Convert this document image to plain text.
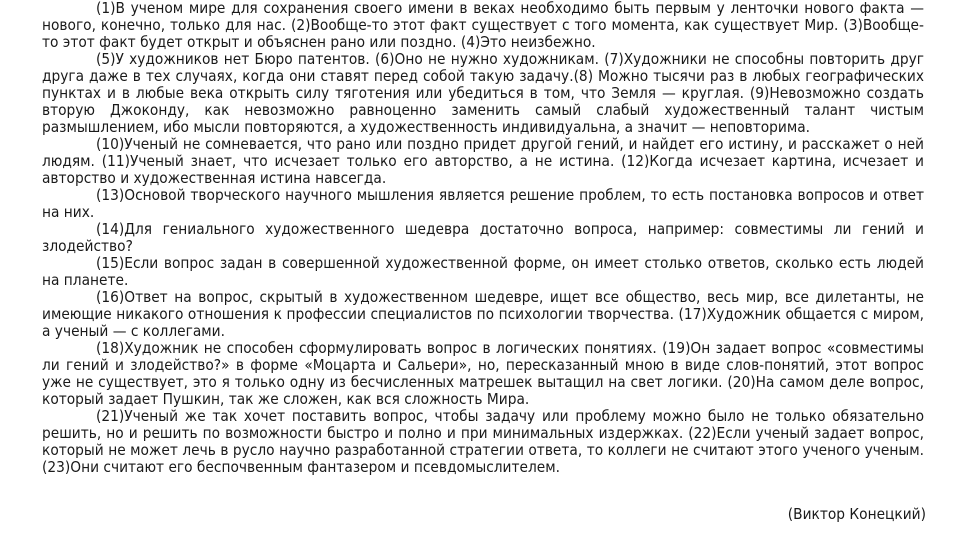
(1)В ученом мире для сохранения своего имени в веках необходимо быть первым у ленточки нового факта — нового, конечно, только для нас. (2)Вообще-то этот факт существует с того момента, как существует Мир. (3)Вообще-то этот факт будет открыт и объяснен рано или поздно. (4)Это неизбежно.

(5)У художников нет Бюро патентов. (6)Оно не нужно художникам. (7)Художники не способны повторить друг друга даже в тех случаях, когда они ставят перед собой такую задачу.(8) Можно тысячи раз в любых географических пунктах и в любые века открыть силу тяготения или убедиться в том, что Земля — круглая. (9)Невозможно создать вторую Джоконду, как невозможно равноценно заменить самый слабый художественный талант чистым размышлением, ибо мысли повторяются, а художественность индивидуальна, а значит — неповторима.

(10)Ученый не сомневается, что рано или поздно придет другой гений, и найдет его истину, и расскажет о ней людям. (11)Ученый знает, что исчезает только его авторство, а не истина. (12)Когда исчезает картина, исчезает и авторство и художественная истина навсегда.

(13)Основой творческого научного мышления является решение проблем, то есть постановка вопросов и ответ на них.

(14)Для гениального художественного шедевра достаточно вопроса, например: совместимы ли гений и злодейство?

(15)Если вопрос задан в совершенной художественной форме, он имеет столько ответов, сколько есть людей на планете.

(16)Ответ на вопрос, скрытый в художественном шедевре, ищет все общество, весь мир, все дилетанты, не имеющие никакого отношения к профессии специалистов по психологии творчества. (17)Художник общается с миром, а ученый — с коллегами.

(18)Художник не способен сформулировать вопрос в логических понятиях. (19)Он задает вопрос «совместимы ли гений и злодейство?» в форме «Моцарта и Сальери», но, пересказанный мною в виде слов-понятий, этот вопрос уже не существует, это я только одну из бесчисленных матрешек вытащил на свет логики. (20)На самом деле вопрос, который задает Пушкин, так же сложен, как вся сложность Мира.

(21)Ученый же так хочет поставить вопрос, чтобы задачу или проблему можно было не только обязательно решить, но и решить по возможности быстро и полно и при минимальных издержках. (22)Если ученый задает вопрос, который не может лечь в русло научно разработанной стратегии ответа, то коллеги не считают этого ученого ученым. (23)Они считают его беспочвенным фантазером и псевдомыслителем.

(Виктор Конецкий)
